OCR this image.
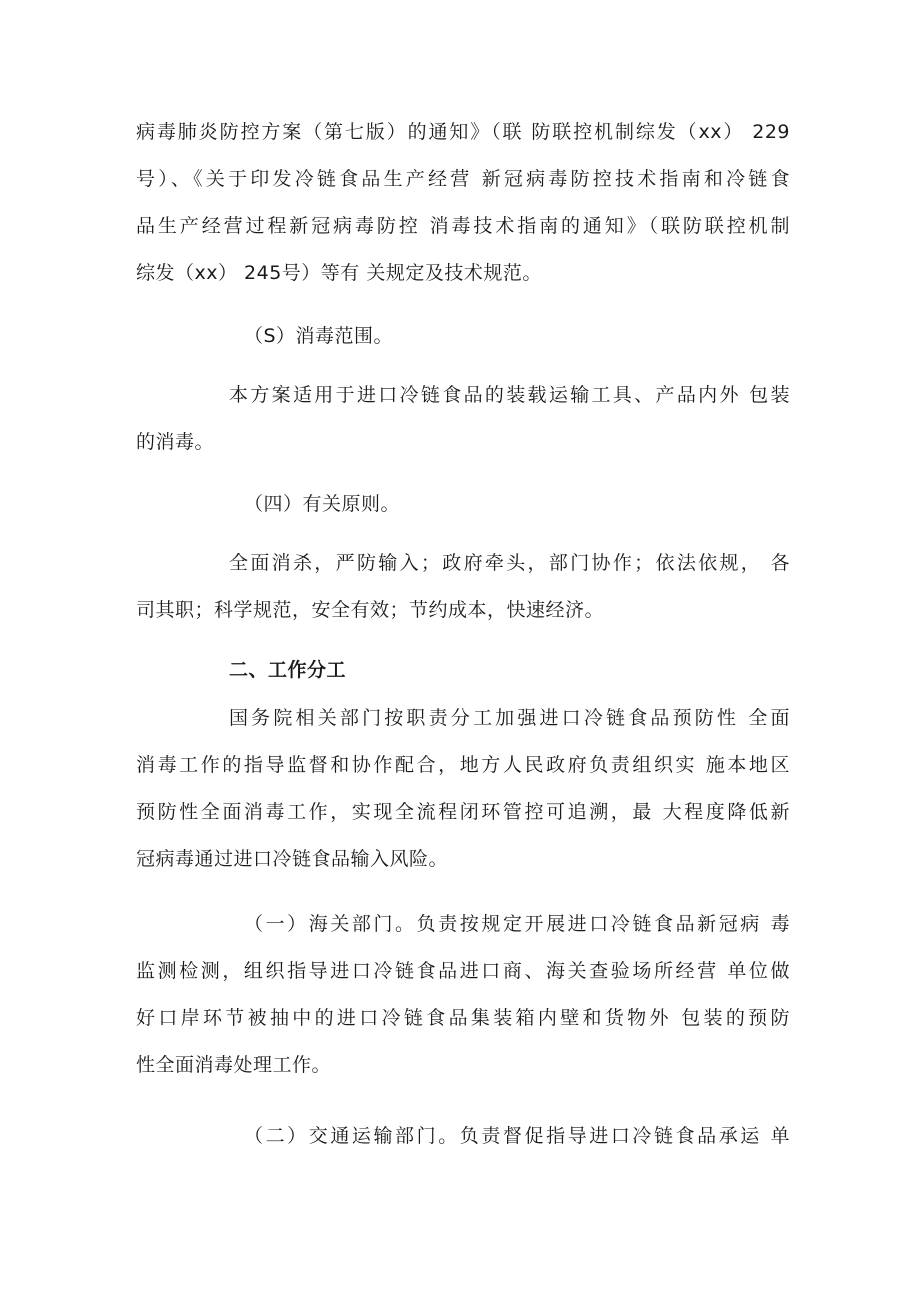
病毒肺炎防控方案（第七版）的通知》（联 防联控机制综发（xx） 229
号）、《关于印发冷链食品生产经营 新冠病毒防控技术指南和冷链食
品生产经营过程新冠病毒防控 消毒技术指南的通知》（联防联控机制
综发（xx） 245号）等有 关规定及技术规范。
（S）消毒范围。
本方案适用于进口冷链食品的装载运输工具、产品内外 包装
的消毒。
（四）有关原则。
全面消杀，严防输入；政府牵头，部门协作；依法依规， 各
司其职；科学规范，安全有效；节约成本，快速经济。
二、工作分工
国务院相关部门按职责分工加强进口冷链食品预防性 全面
消毒工作的指导监督和协作配合，地方人民政府负责组织实 施本地区
预防性全面消毒工作，实现全流程闭环管控可追溯，最 大程度降低新
冠病毒通过进口冷链食品输入风险。
（一）海关部门。负责按规定开展进口冷链食品新冠病 毒
监测检测，组织指导进口冷链食品进口商、海关查验场所经营 单位做
好口岸环节被抽中的进口冷链食品集装箱内壁和货物外 包装的预防
性全面消毒处理工作。
（二）交通运输部门。负责督促指导进口冷链食品承运 单
